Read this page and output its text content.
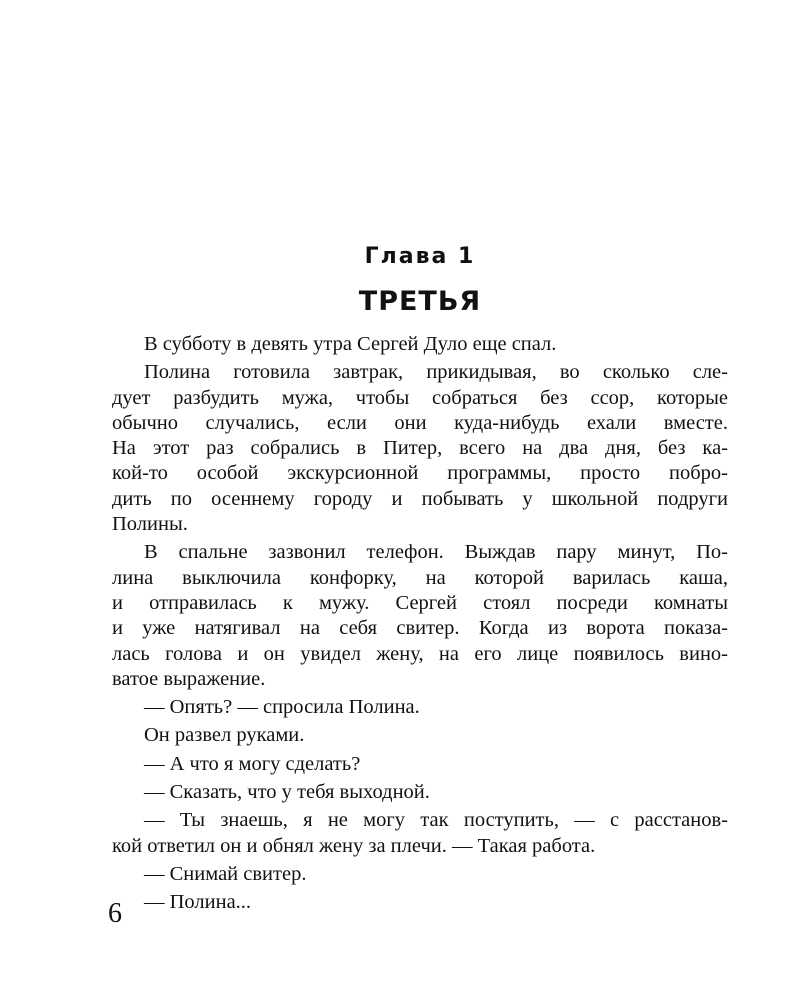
Глава 1
ТРЕТЬЯ
В субботу в девять утра Сергей Дуло еще спал.
Полина готовила завтрак, прикидывая, во сколько сле-
дует разбудить мужа, чтобы собраться без ссор, которые
обычно случались, если они куда-нибудь ехали вместе.
На этот раз собрались в Питер, всего на два дня, без ка-
кой-то особой экскурсионной программы, просто побро-
дить по осеннему городу и побывать у школьной подруги
Полины.
В спальне зазвонил телефон. Выждав пару минут, По-
лина выключила конфорку, на которой варилась каша,
и отправилась к мужу. Сергей стоял посреди комнаты
и уже натягивал на себя свитер. Когда из ворота показа-
лась голова и он увидел жену, на его лице появилось вино-
ватое выражение.
— Опять? — спросила Полина.
Он развел руками.
— А что я могу сделать?
— Сказать, что у тебя выходной.
— Ты знаешь, я не могу так поступить, — с расстанов-
кой ответил он и обнял жену за плечи. — Такая работа.
— Снимай свитер.
— Полина...
6
